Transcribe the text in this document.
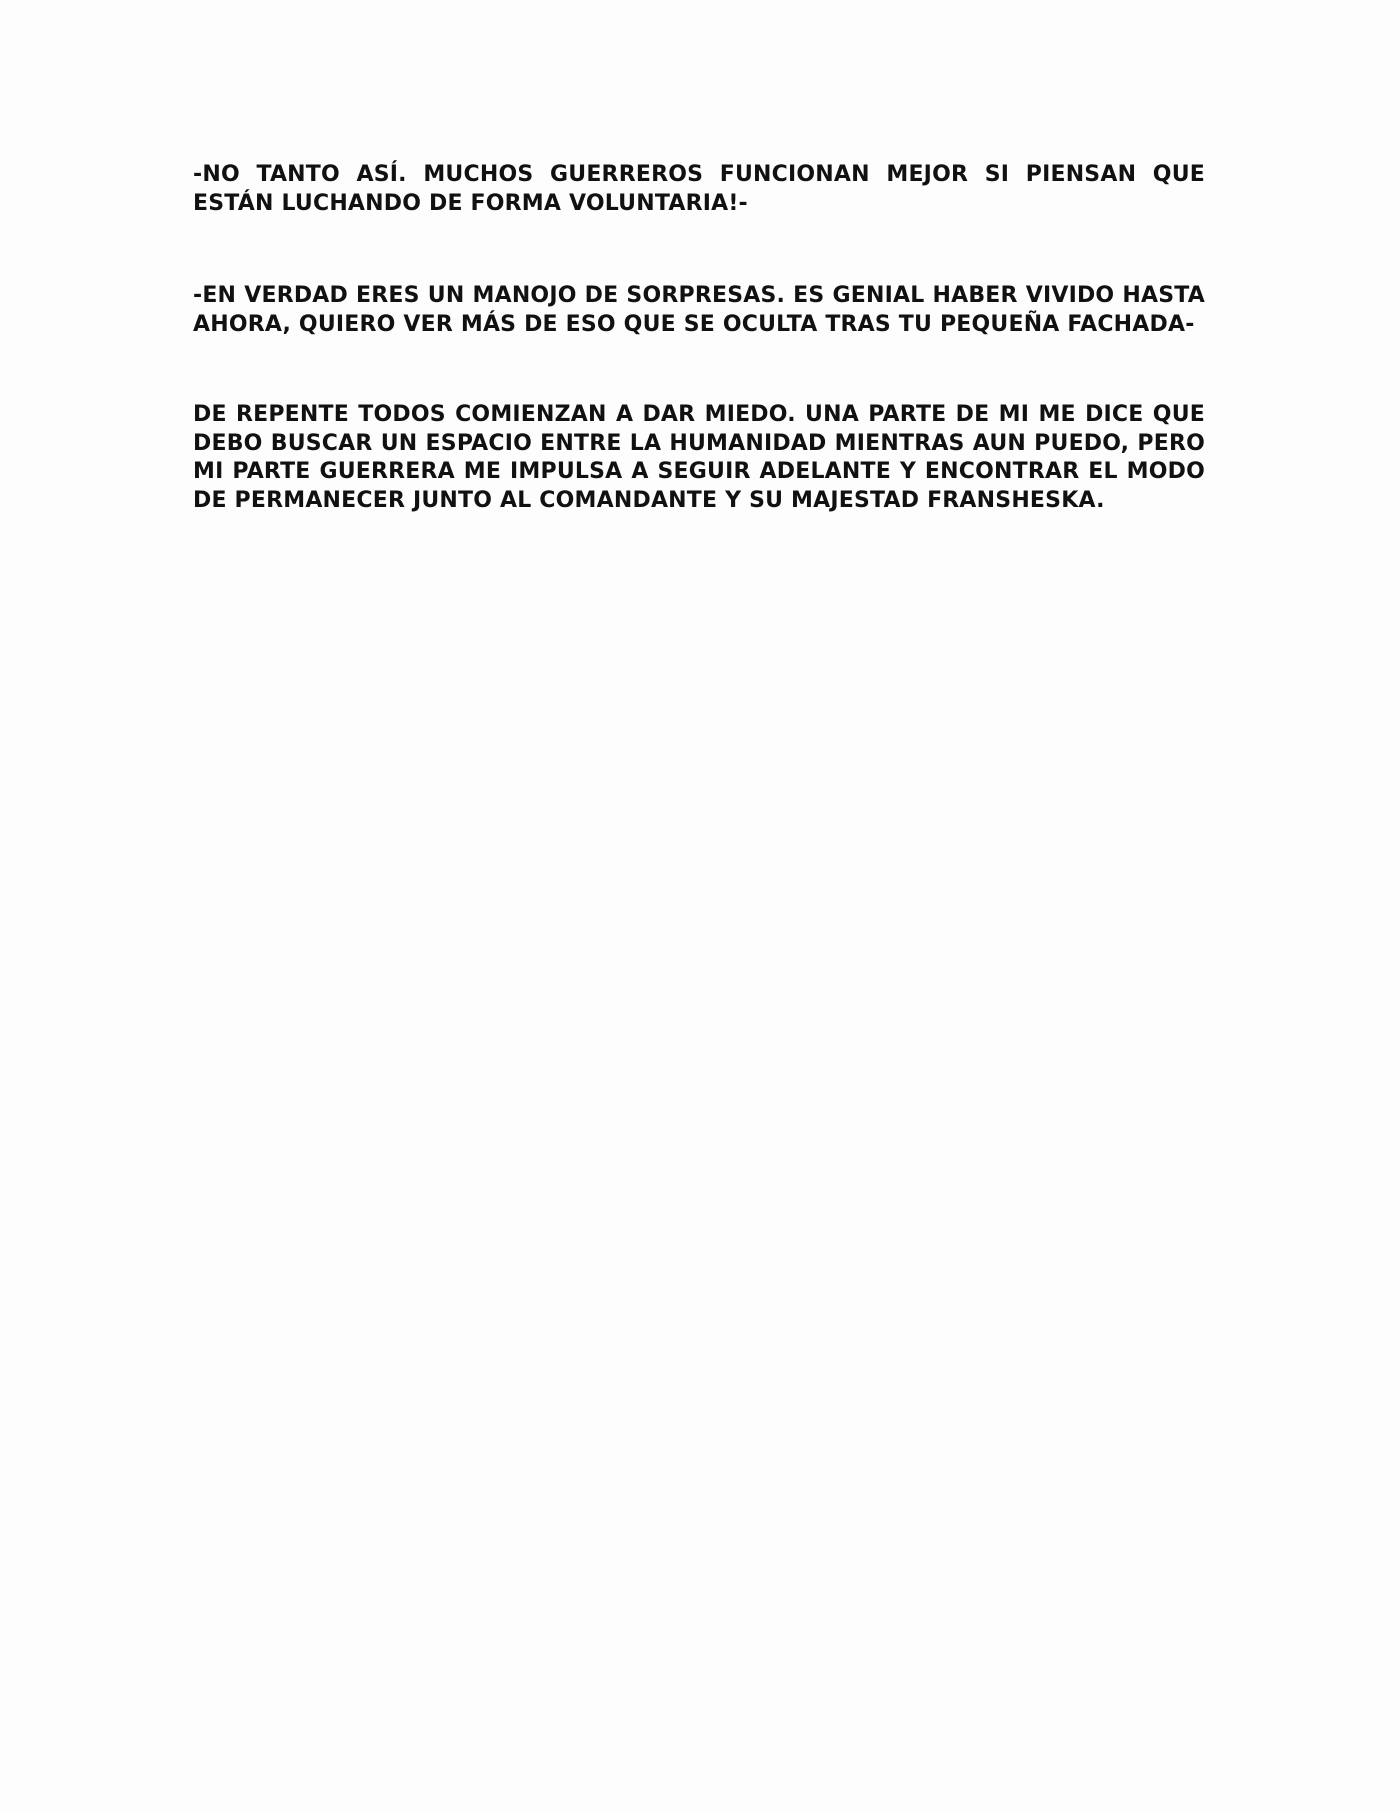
-NO TANTO ASÍ. MUCHOS GUERREROS FUNCIONAN MEJOR SI PIENSAN QUE ESTÁN LUCHANDO DE FORMA VOLUNTARIA!-

-EN VERDAD ERES UN MANOJO DE SORPRESAS. ES GENIAL HABER VIVIDO HASTA AHORA, QUIERO VER MÁS DE ESO QUE SE OCULTA TRAS TU PEQUEÑA FACHADA-

DE REPENTE TODOS COMIENZAN A DAR MIEDO. UNA PARTE DE MI ME DICE QUE DEBO BUSCAR UN ESPACIO ENTRE LA HUMANIDAD MIENTRAS AUN PUEDO, PERO MI PARTE GUERRERA ME IMPULSA A SEGUIR ADELANTE Y ENCONTRAR EL MODO DE PERMANECER JUNTO AL COMANDANTE Y SU MAJESTAD FRANSHESKA.
